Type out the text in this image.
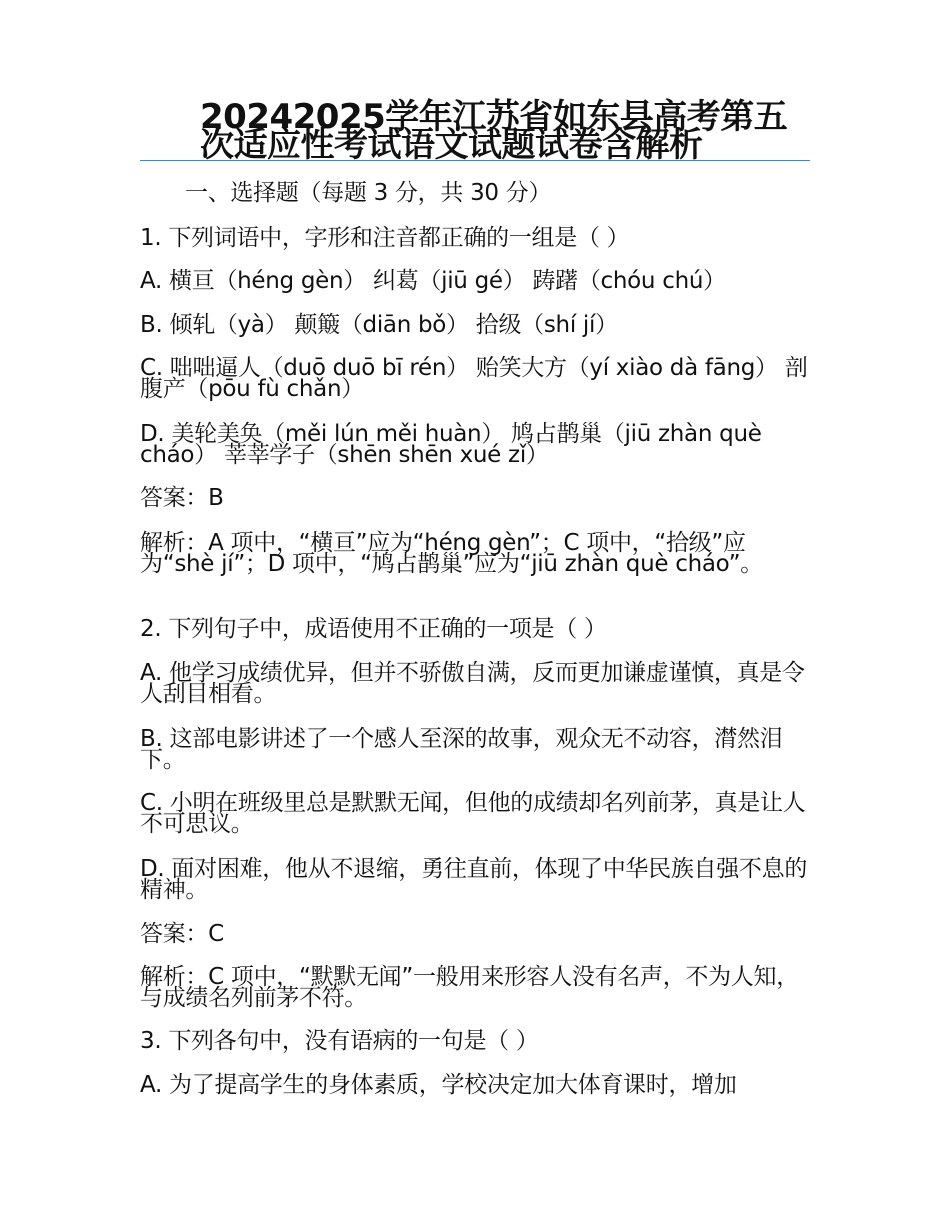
20242025学年江苏省如东县高考第五次适应性考试语文试题试卷含解析

一、选择题（每题 3 分，共 30 分）

1. 下列词语中，字形和注音都正确的一组是（ ）

A. 横亘（héng gèn） 纠葛（jiū gé） 踌躇（chóu chú）

B. 倾轧（yà） 颠簸（diān bǒ） 拾级（shí jí）

C. 咄咄逼人（duō duō bī rén） 贻笑大方（yí xiào dà fāng） 剖腹产（pōu fù chǎn）

D. 美轮美奂（měi lún měi huàn） 鸠占鹊巢（jiū zhàn què cháo） 莘莘学子（shēn shēn xué zǐ）

答案：B

解析：A 项中，“横亘”应为“héng gèn”；C 项中，“拾级”应为“shè jí”；D 项中，“鸠占鹊巢”应为“jiū zhàn què cháo”。

2. 下列句子中，成语使用不正确的一项是（ ）

A. 他学习成绩优异，但并不骄傲自满，反而更加谦虚谨慎，真是令人刮目相看。

B. 这部电影讲述了一个感人至深的故事，观众无不动容，潸然泪下。

C. 小明在班级里总是默默无闻，但他的成绩却名列前茅，真是让人不可思议。

D. 面对困难，他从不退缩，勇往直前，体现了中华民族自强不息的精神。

答案：C

解析：C 项中，“默默无闻”一般用来形容人没有名声，不为人知，与成绩名列前茅不符。

3. 下列各句中，没有语病的一句是（ ）

A. 为了提高学生的身体素质，学校决定加大体育课时，增加
